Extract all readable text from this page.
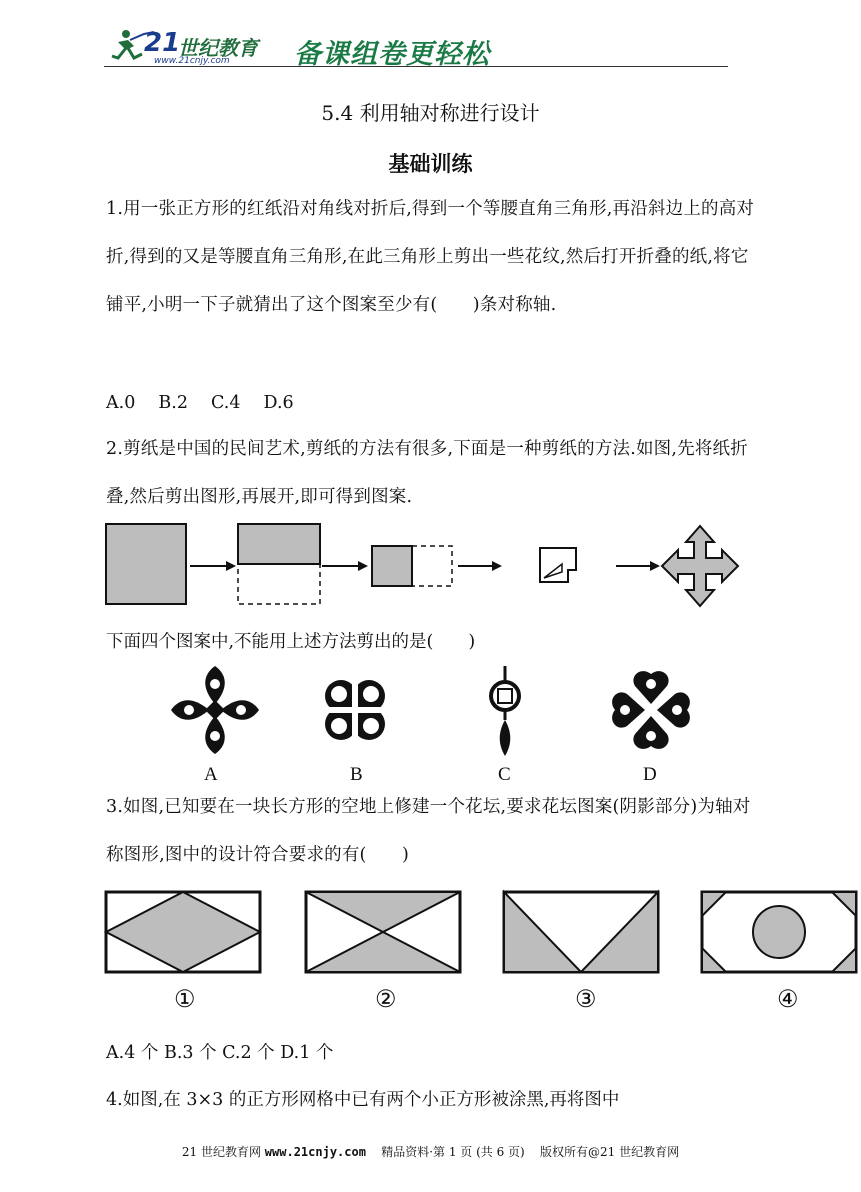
21
世纪教育
www.21cnjy.com 备课组卷更轻松
5.4 利用轴对称进行设计
基础训练
1.用一张正方形的红纸沿对角线对折后,得到一个等腰直角三角形,再沿斜边上的高对折,得到的又是等腰直角三角形,在此三角形上剪出一些花纹,然后打开折叠的纸,将它铺平,小明一下子就猜出了这个图案至少有(　　)条对称轴.
A.0　 B.2　 C.4　 D.6
2.剪纸是中国的民间艺术,剪纸的方法有很多,下面是一种剪纸的方法.如图,先将纸折叠,然后剪出图形,再展开,即可得到图案.
下面四个图案中,不能用上述方法剪出的是(　　)
A	B	C	D
3.如图,已知要在一块长方形的空地上修建一个花坛,要求花坛图案(阴影部分)为轴对称图形,图中的设计符合要求的有(　　)
①	②	③	④
A.4 个 B.3 个 C.2 个 D.1 个
4.如图,在 3×3 的正方形网格中已有两个小正方形被涂黑,再将图中
21 世纪教育网 www.21cnjy.com 精品资料·第 1 页 (共 6 页) 版权所有@21 世纪教育网
